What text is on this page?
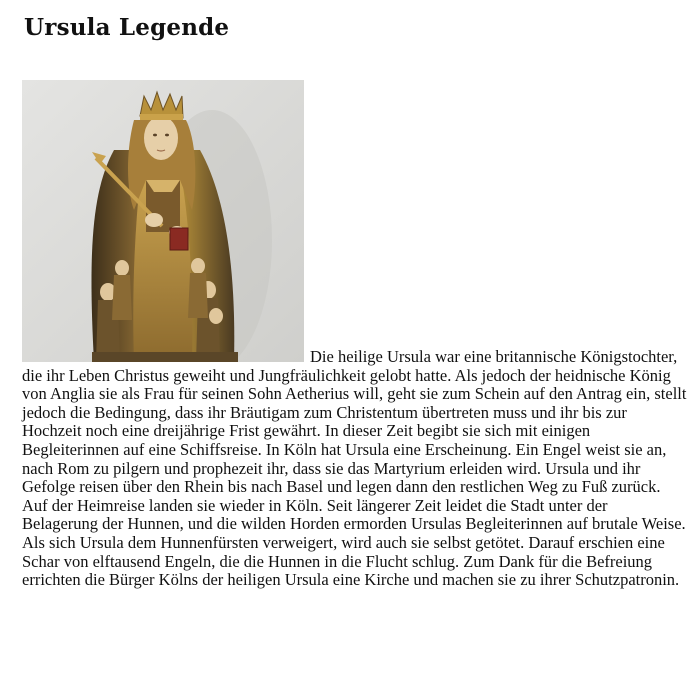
Ursula Legende
Die heilige Ursula war eine britannische Königstochter, die ihr Leben Christus geweiht und Jungfräulichkeit gelobt hatte. Als jedoch der heidnische König von Anglia sie als Frau für seinen Sohn Aetherius will, geht sie zum Schein auf den Antrag ein, stellt jedoch die Bedingung, dass ihr Bräutigam zum Christentum übertreten muss und ihr bis zur Hochzeit noch eine dreijährige Frist gewährt. In dieser Zeit begibt sie sich mit einigen Begleiterinnen auf eine Schiffsreise. In Köln hat Ursula eine Erscheinung. Ein Engel weist sie an, nach Rom zu pilgern und prophezeit ihr, dass sie das Martyrium erleiden wird. Ursula und ihr Gefolge reisen über den Rhein bis nach Basel und legen dann den restlichen Weg zu Fuß zurück. Auf der Heimreise landen sie wieder in Köln. Seit längerer Zeit leidet die Stadt unter der Belagerung der Hunnen, und die wilden Horden ermorden Ursulas Begleiterinnen auf brutale Weise. Als sich Ursula dem Hunnenfürsten verweigert, wird auch sie selbst getötet. Darauf erschien eine Schar von elftausend Engeln, die die Hunnen in die Flucht schlug. Zum Dank für die Befreiung errichten die Bürger Kölns der heiligen Ursula eine Kirche und machen sie zu ihrer Schutzpatronin.
